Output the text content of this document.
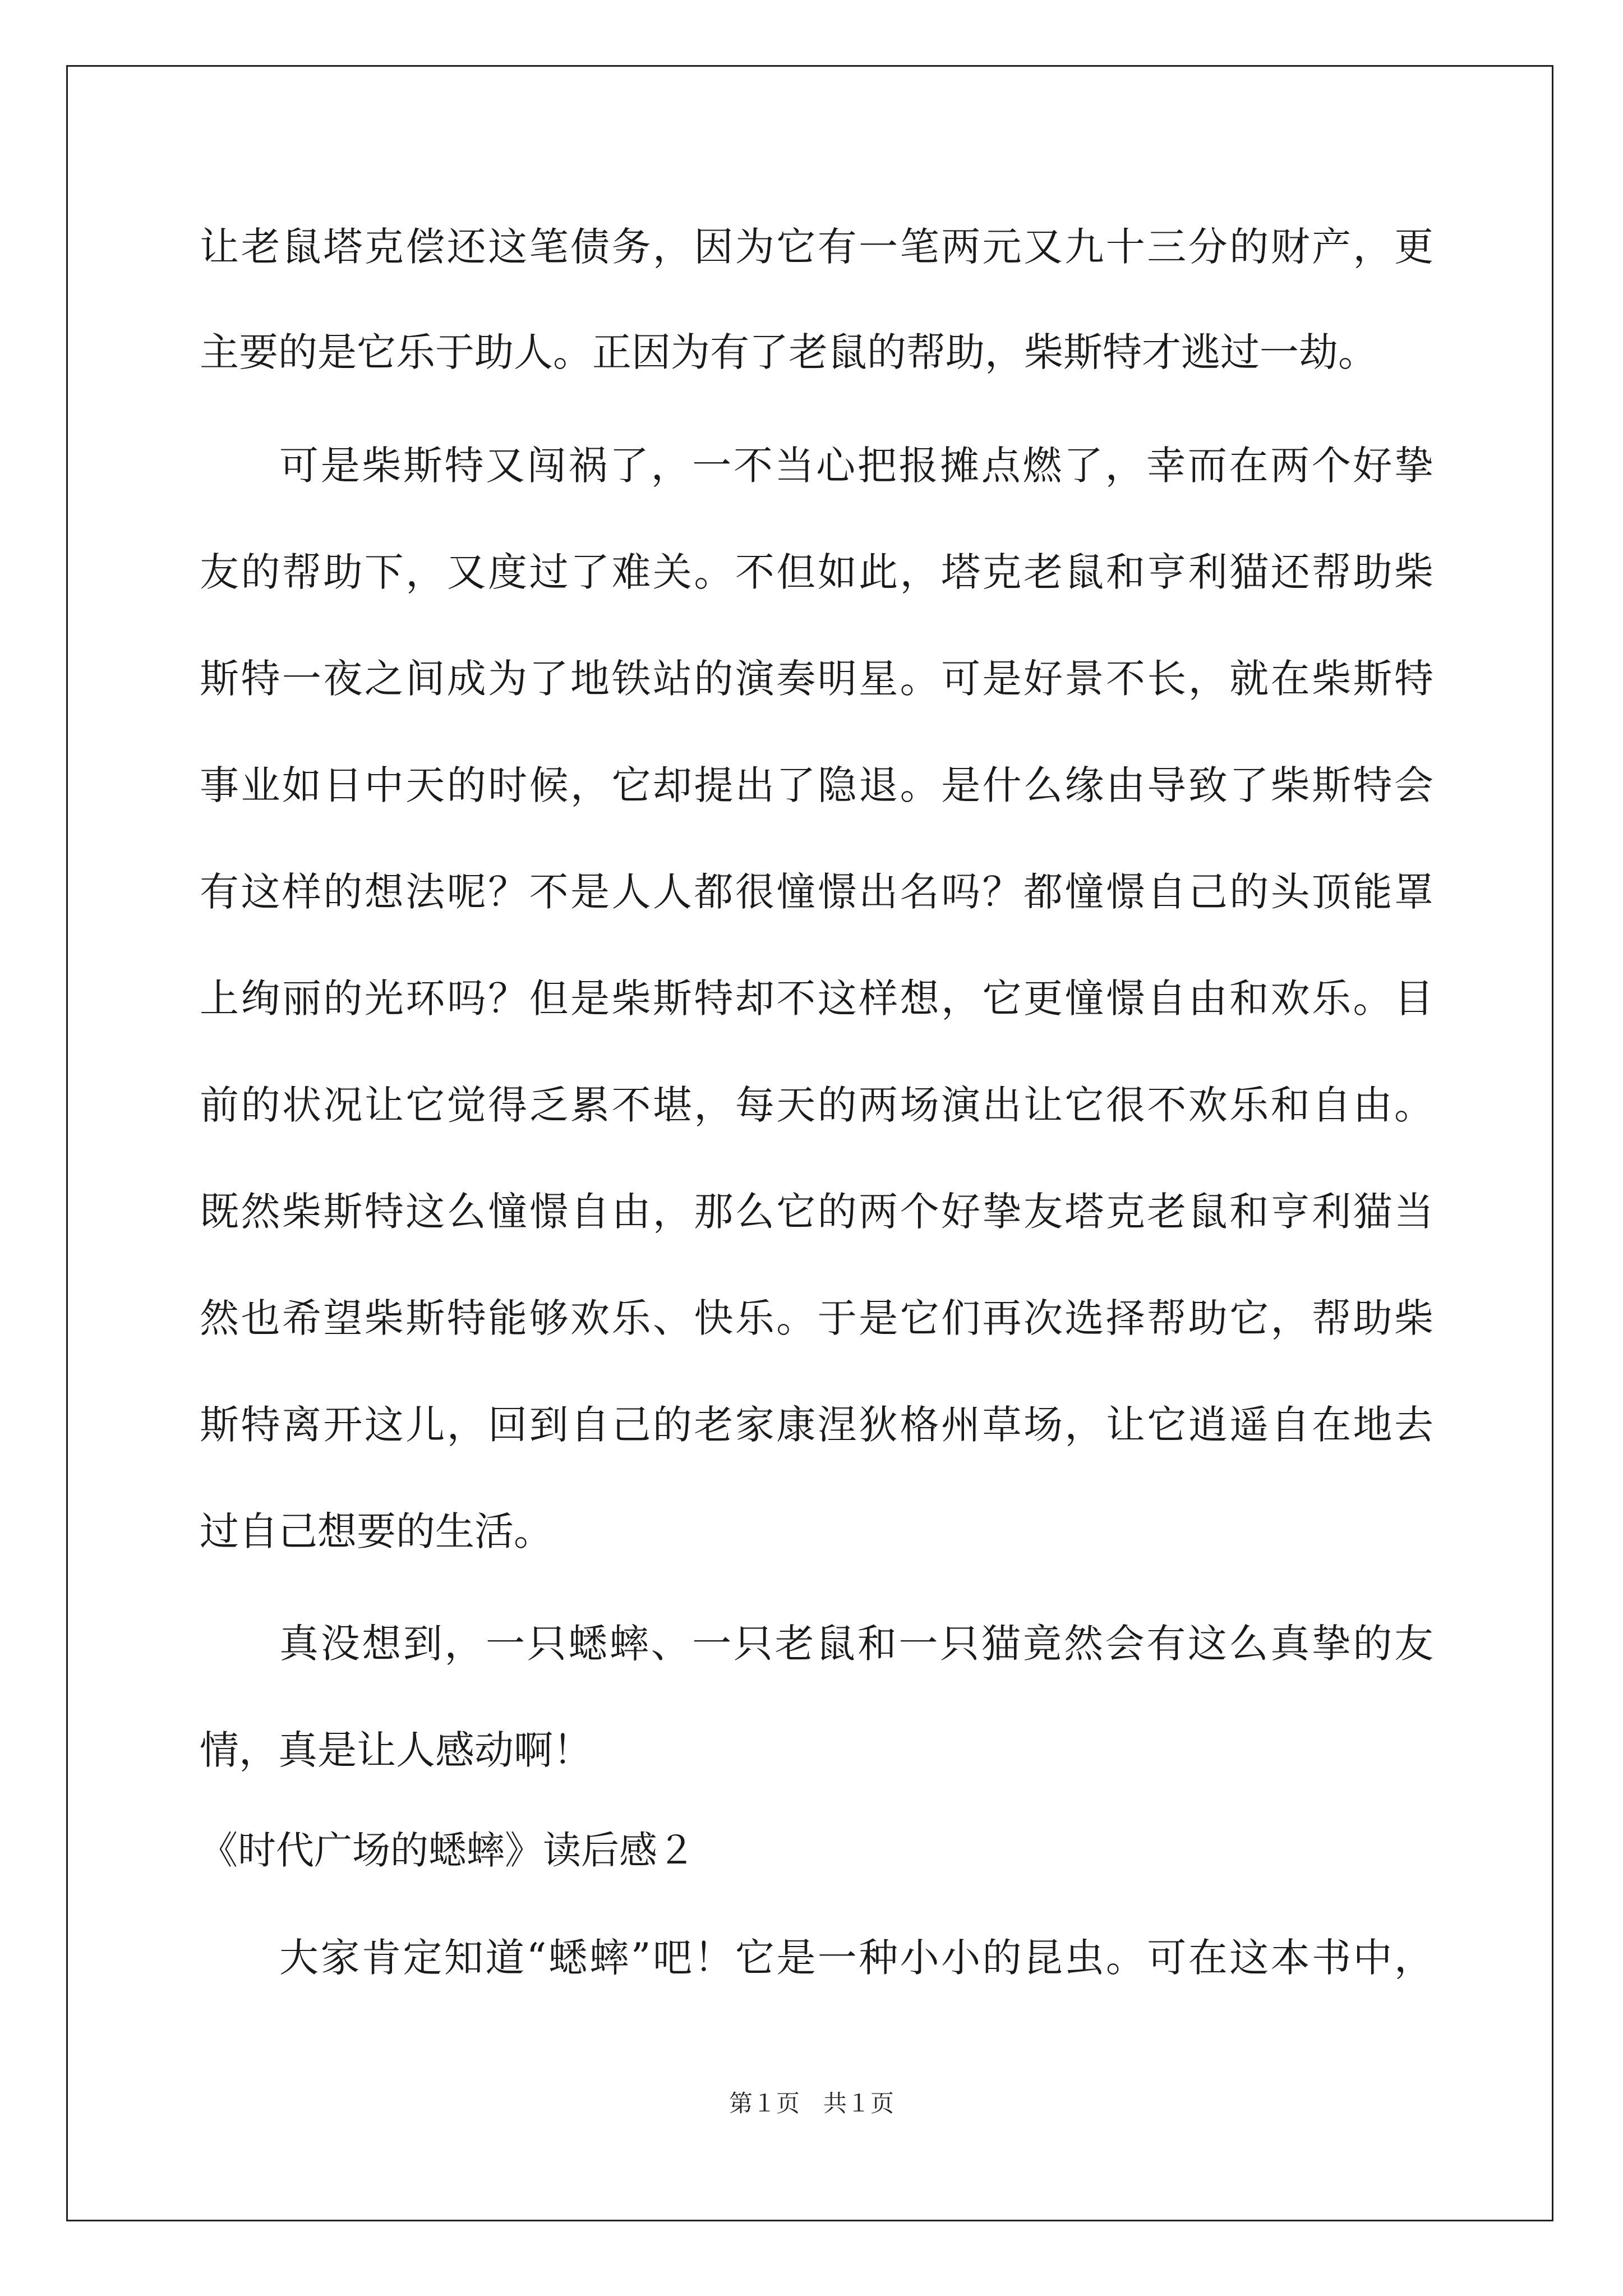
让老鼠塔克偿还这笔债务，因为它有一笔两元又九十三分的财产，更
主要的是它乐于助人。正因为有了老鼠的帮助，柴斯特才逃过一劫。
可是柴斯特又闯祸了，一不当心把报摊点燃了，幸而在两个好挚
友的帮助下，又度过了难关。不但如此，塔克老鼠和亨利猫还帮助柴
斯特一夜之间成为了地铁站的演奏明星。可是好景不长，就在柴斯特
事业如日中天的时候，它却提出了隐退。是什么缘由导致了柴斯特会
有这样的想法呢？不是人人都很憧憬出名吗？都憧憬自己的头顶能罩
上绚丽的光环吗？但是柴斯特却不这样想，它更憧憬自由和欢乐。目
前的状况让它觉得乏累不堪，每天的两场演出让它很不欢乐和自由。
既然柴斯特这么憧憬自由，那么它的两个好挚友塔克老鼠和亨利猫当
然也希望柴斯特能够欢乐、快乐。于是它们再次选择帮助它，帮助柴
斯特离开这儿，回到自己的老家康涅狄格州草场，让它逍遥自在地去
过自己想要的生活。
真没想到，一只蟋蟀、一只老鼠和一只猫竟然会有这么真挚的友
情，真是让人感动啊！
《时代广场的蟋蟀》读后感２
大家肯定知道“蟋蟀”吧！它是一种小小的昆虫。可在这本书中，
第１页　共１页
